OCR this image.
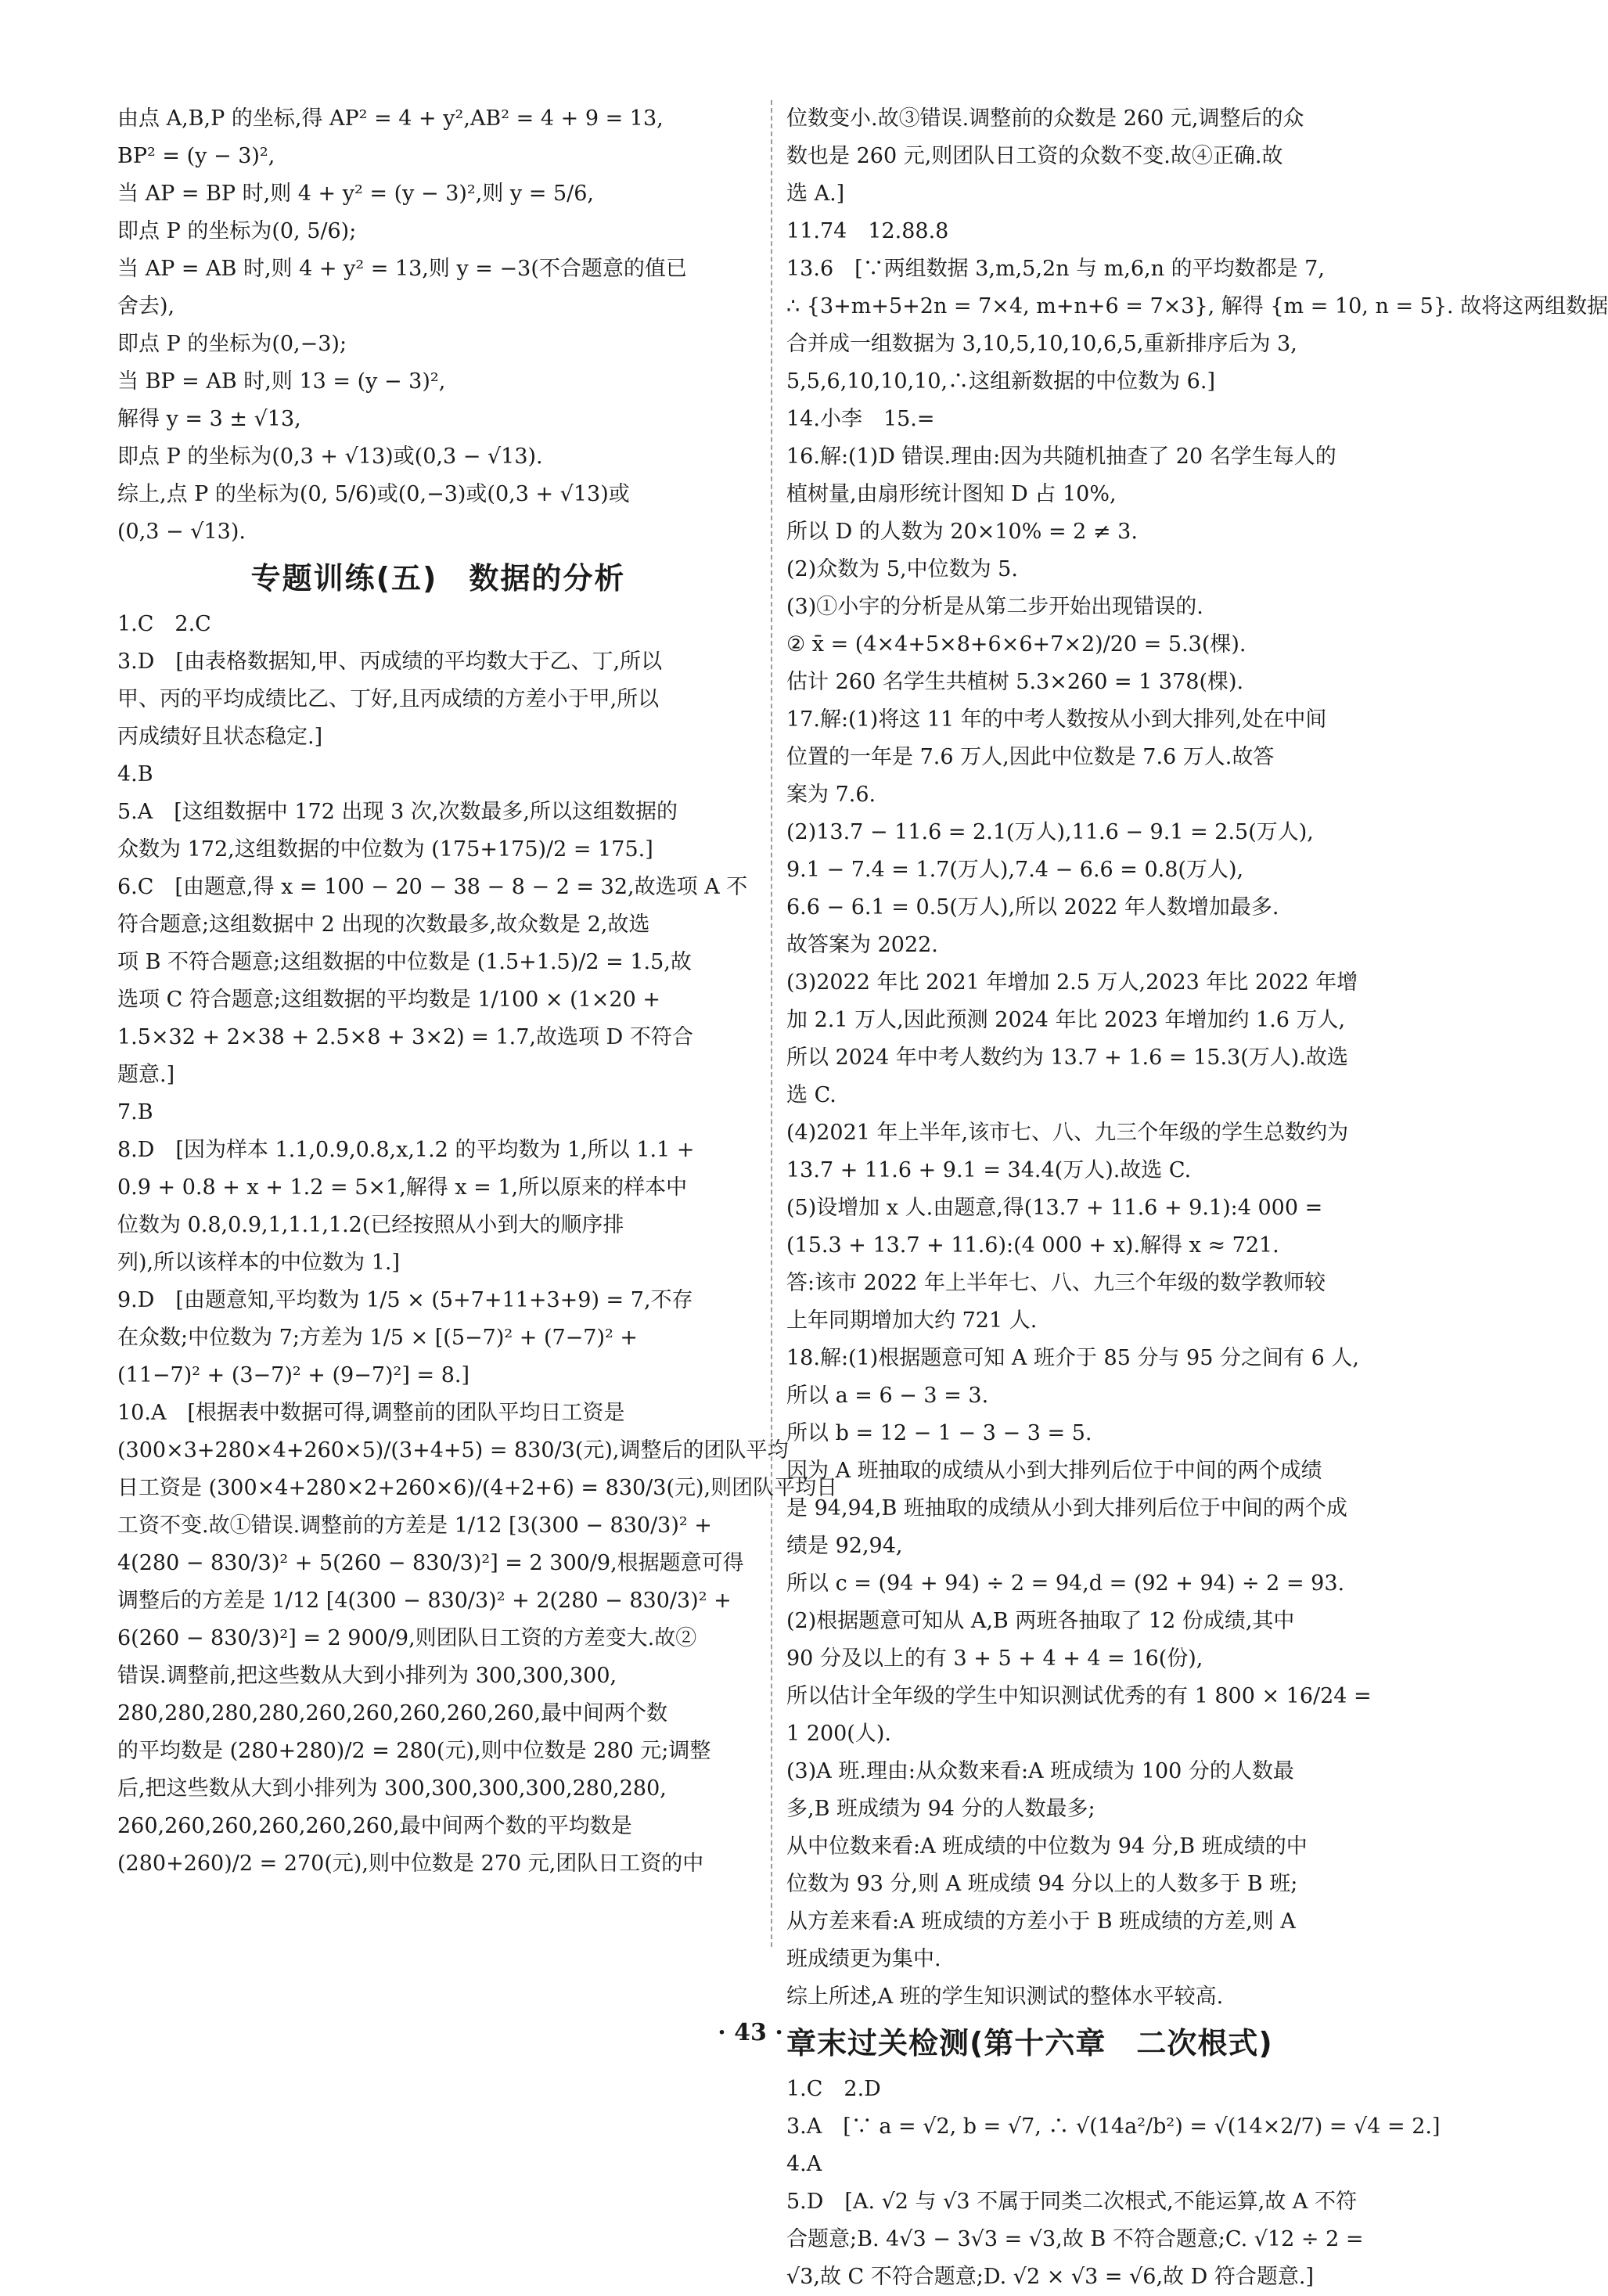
由点 A,B,P 的坐标,得 AP² = 4 + y²,AB² = 4 + 9 = 13,
BP² = (y − 3)²,
当 AP = BP 时,则 4 + y² = (y − 3)²,则 y = 5/6,
即点 P 的坐标为(0, 5/6);
当 AP = AB 时,则 4 + y² = 13,则 y = −3(不合题意的值已
舍去),
即点 P 的坐标为(0,−3);
当 BP = AB 时,则 13 = (y − 3)²,
解得 y = 3 ± √13,
即点 P 的坐标为(0,3 + √13)或(0,3 − √13).
综上,点 P 的坐标为(0, 5/6)或(0,−3)或(0,3 + √13)或
(0,3 − √13).
专题训练(五)　数据的分析
1.C　2.C
3.D　[由表格数据知,甲、丙成绩的平均数大于乙、丁,所以
甲、丙的平均成绩比乙、丁好,且丙成绩的方差小于甲,所以
丙成绩好且状态稳定.]
4.B
5.A　[这组数据中 172 出现 3 次,次数最多,所以这组数据的
众数为 172,这组数据的中位数为 (175+175)/2 = 175.]
6.C　[由题意,得 x = 100 − 20 − 38 − 8 − 2 = 32,故选项 A 不
符合题意;这组数据中 2 出现的次数最多,故众数是 2,故选
项 B 不符合题意;这组数据的中位数是 (1.5+1.5)/2 = 1.5,故
选项 C 符合题意;这组数据的平均数是 1/100 × (1×20 +
1.5×32 + 2×38 + 2.5×8 + 3×2) = 1.7,故选项 D 不符合
题意.]
7.B
8.D　[因为样本 1.1,0.9,0.8,x,1.2 的平均数为 1,所以 1.1 +
0.9 + 0.8 + x + 1.2 = 5×1,解得 x = 1,所以原来的样本中
位数为 0.8,0.9,1,1.1,1.2(已经按照从小到大的顺序排
列),所以该样本的中位数为 1.]
9.D　[由题意知,平均数为 1/5 × (5+7+11+3+9) = 7,不存
在众数;中位数为 7;方差为 1/5 × [(5−7)² + (7−7)² +
(11−7)² + (3−7)² + (9−7)²] = 8.]
10.A　[根据表中数据可得,调整前的团队平均日工资是
(300×3+280×4+260×5)/(3+4+5) = 830/3(元),调整后的团队平均
日工资是 (300×4+280×2+260×6)/(4+2+6) = 830/3(元),则团队平均日
工资不变.故①错误.调整前的方差是 1/12 [3(300 − 830/3)² +
4(280 − 830/3)² + 5(260 − 830/3)²] = 2 300/9,根据题意可得
调整后的方差是 1/12 [4(300 − 830/3)² + 2(280 − 830/3)² +
6(260 − 830/3)²] = 2 900/9,则团队日工资的方差变大.故②
错误.调整前,把这些数从大到小排列为 300,300,300,
280,280,280,280,260,260,260,260,260,最中间两个数
的平均数是 (280+280)/2 = 280(元),则中位数是 280 元;调整
后,把这些数从大到小排列为 300,300,300,300,280,280,
260,260,260,260,260,260,最中间两个数的平均数是
(280+260)/2 = 270(元),则中位数是 270 元,团队日工资的中
位数变小.故③错误.调整前的众数是 260 元,调整后的众
数也是 260 元,则团队日工资的众数不变.故④正确.故
选 A.]
11.74　12.88.8
13.6　[∵两组数据 3,m,5,2n 与 m,6,n 的平均数都是 7,
∴ {3+m+5+2n = 7×4, m+n+6 = 7×3}, 解得 {m = 10, n = 5}. 故将这两组数据
合并成一组数据为 3,10,5,10,10,6,5,重新排序后为 3,
5,5,6,10,10,10,∴这组新数据的中位数为 6.]
14.小李　15.=
16.解:(1)D 错误.理由:因为共随机抽查了 20 名学生每人的
植树量,由扇形统计图知 D 占 10%,
所以 D 的人数为 20×10% = 2 ≠ 3.
(2)众数为 5,中位数为 5.
(3)①小宇的分析是从第二步开始出现错误的.
② x̄ = (4×4+5×8+6×6+7×2)/20 = 5.3(棵).
估计 260 名学生共植树 5.3×260 = 1 378(棵).
17.解:(1)将这 11 年的中考人数按从小到大排列,处在中间
位置的一年是 7.6 万人,因此中位数是 7.6 万人.故答
案为 7.6.
(2)13.7 − 11.6 = 2.1(万人),11.6 − 9.1 = 2.5(万人),
9.1 − 7.4 = 1.7(万人),7.4 − 6.6 = 0.8(万人),
6.6 − 6.1 = 0.5(万人),所以 2022 年人数增加最多.
故答案为 2022.
(3)2022 年比 2021 年增加 2.5 万人,2023 年比 2022 年增
加 2.1 万人,因此预测 2024 年比 2023 年增加约 1.6 万人,
所以 2024 年中考人数约为 13.7 + 1.6 = 15.3(万人).故选
选 C.
(4)2021 年上半年,该市七、八、九三个年级的学生总数约为
13.7 + 11.6 + 9.1 = 34.4(万人).故选 C.
(5)设增加 x 人.由题意,得(13.7 + 11.6 + 9.1):4 000 =
(15.3 + 13.7 + 11.6):(4 000 + x).解得 x ≈ 721.
答:该市 2022 年上半年七、八、九三个年级的数学教师较
上年同期增加大约 721 人.
18.解:(1)根据题意可知 A 班介于 85 分与 95 分之间有 6 人,
所以 a = 6 − 3 = 3.
所以 b = 12 − 1 − 3 − 3 = 5.
因为 A 班抽取的成绩从小到大排列后位于中间的两个成绩
是 94,94,B 班抽取的成绩从小到大排列后位于中间的两个成
绩是 92,94,
所以 c = (94 + 94) ÷ 2 = 94,d = (92 + 94) ÷ 2 = 93.
(2)根据题意可知从 A,B 两班各抽取了 12 份成绩,其中
90 分及以上的有 3 + 5 + 4 + 4 = 16(份),
所以估计全年级的学生中知识测试优秀的有 1 800 × 16/24 =
1 200(人).
(3)A 班.理由:从众数来看:A 班成绩为 100 分的人数最
多,B 班成绩为 94 分的人数最多;
从中位数来看:A 班成绩的中位数为 94 分,B 班成绩的中
位数为 93 分,则 A 班成绩 94 分以上的人数多于 B 班;
从方差来看:A 班成绩的方差小于 B 班成绩的方差,则 A
班成绩更为集中.
综上所述,A 班的学生知识测试的整体水平较高.
章末过关检测(第十六章　二次根式)
1.C　2.D
3.A　[∵ a = √2, b = √7, ∴ √(14a²/b²) = √(14×2/7) = √4 = 2.]
4.A
5.D　[A. √2 与 √3 不属于同类二次根式,不能运算,故 A 不符
合题意;B. 4√3 − 3√3 = √3,故 B 不符合题意;C. √12 ÷ 2 =
√3,故 C 不符合题意;D. √2 × √3 = √6,故 D 符合题意.]
· 43 ·
